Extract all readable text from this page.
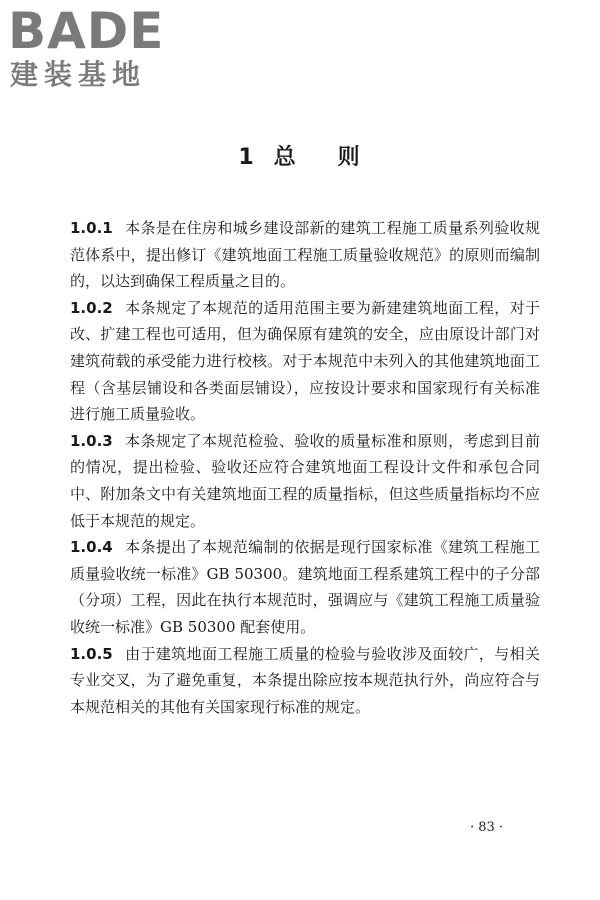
BADE
建装基地
1 总 则

1.0.1 本条是在住房和城乡建设部新的建筑工程施工质量系列验收规范体系中，提出修订《建筑地面工程施工质量验收规范》的原则而编制的，以达到确保工程质量之目的。

1.0.2 本条规定了本规范的适用范围主要为新建建筑地面工程，对于改、扩建工程也可适用，但为确保原有建筑的安全，应由原设计部门对建筑荷载的承受能力进行校核。对于本规范中未列入的其他建筑地面工程（含基层铺设和各类面层铺设），应按设计要求和国家现行有关标准进行施工质量验收。

1.0.3 本条规定了本规范检验、验收的质量标准和原则，考虑到目前的情况，提出检验、验收还应符合建筑地面工程设计文件和承包合同中、附加条文中有关建筑地面工程的质量指标，但这些质量指标均不应低于本规范的规定。

1.0.4 本条提出了本规范编制的依据是现行国家标准《建筑工程施工质量验收统一标准》GB 50300。建筑地面工程系建筑工程中的子分部（分项）工程，因此在执行本规范时，强调应与《建筑工程施工质量验收统一标准》GB 50300 配套使用。

1.0.5 由于建筑地面工程施工质量的检验与验收涉及面较广，与相关专业交叉，为了避免重复，本条提出除应按本规范执行外，尚应符合与本规范相关的其他有关国家现行标准的规定。

· 83 ·
